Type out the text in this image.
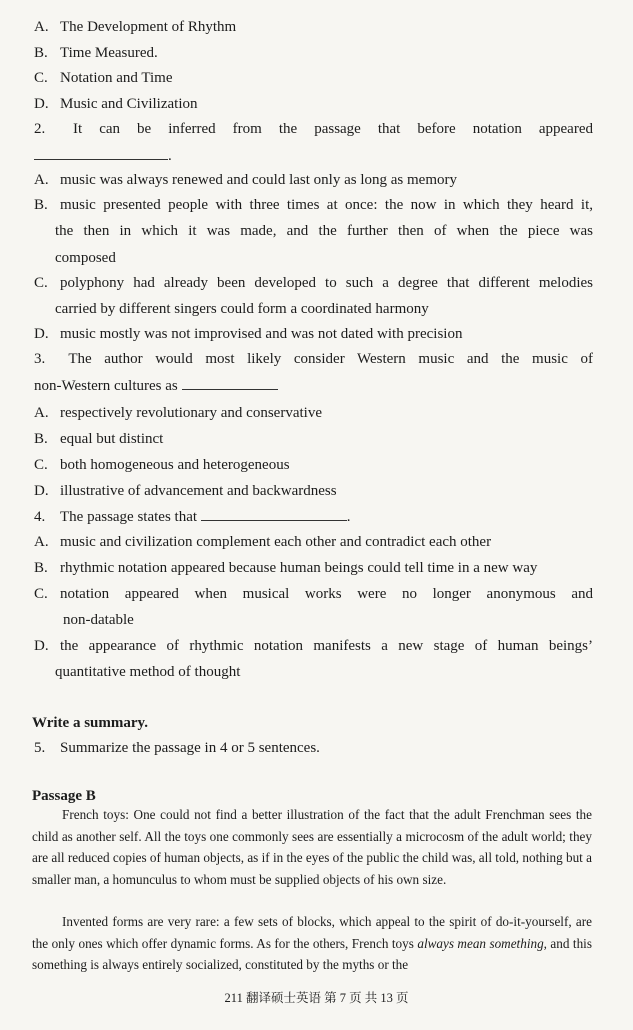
A. The Development of Rhythm
B. Time Measured.
C. Notation and Time
D. Music and Civilization
2. It can be inferred from the passage that before notation appeared
.
A. music was always renewed and could last only as long as memory
B. music presented people with three times at once: the now in which they heard it,
the then in which it was made, and the further then of when the piece was
composed
C. polyphony had already been developed to such a degree that different melodies
carried by different singers could form a coordinated harmony
D. music mostly was not improvised and was not dated with precision
3. The author would most likely consider Western music and the music of
non-Western cultures as
A. respectively revolutionary and conservative
B. equal but distinct
C. both homogeneous and heterogeneous
D. illustrative of advancement and backwardness
4. The passage states that	.
A. music and civilization complement each other and contradict each other
B. rhythmic notation appeared because human beings could tell time in a new way
C. notation appeared when musical works were no longer anonymous and
non-datable
D. the appearance of rhythmic notation manifests a new stage of human beings’
quantitative method of thought
Write a summary.
5. Summarize the passage in 4 or 5 sentences.
Passage B
French toys: One could not find a better illustration of the fact that the adult Frenchman sees the child as another self. All the toys one commonly sees are essentially a microcosm of the adult world; they are all reduced copies of human objects, as if in the eyes of the public the child was, all told, nothing but a smaller man, a homunculus to whom must be supplied objects of his own size.
Invented forms are very rare: a few sets of blocks, which appeal to the spirit of do-it-yourself, are the only ones which offer dynamic forms. As for the others, French toys always mean something, and this something is always entirely socialized, constituted by the myths or the
211 翻译硕士英语 第 7 页 共 13 页
